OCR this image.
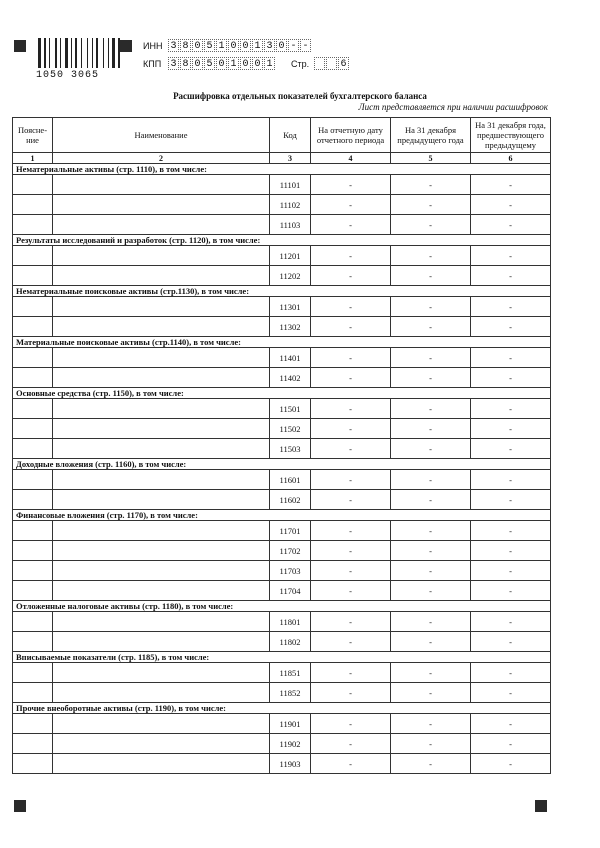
1050 3065
ИНН 3 8 0 5 1 0 0 1 3 0 - -
КПП 3 8 0 5 0 1 0 0 1 Стр.	6
Расшифровка отдельных показателей бухгалтерского баланса
Лист представляется при наличии расшифровок
Поясне-ние	Наименование	Код	На отчетную дату отчетного периода	На 31 декабря предыдущего года	На 31 декабря года, предшествующего предыдущему
1	2	3	4	5	6
Нематериальные активы (стр. 1110), в том числе:					
		11101	-	-	-
		11102	-	-	-
		11103	-	-	-
Результаты исследований и разработок (стр. 1120), в том числе:					
		11201	-	-	-
		11202	-	-	-
Нематериальные поисковые активы (стр.1130), в том числе:					
		11301	-	-	-
		11302	-	-	-
Материальные поисковые активы (стр.1140), в том числе:					
		11401	-	-	-
		11402	-	-	-
Основные средства (стр. 1150), в том числе:					
		11501	-	-	-
		11502	-	-	-
		11503	-	-	-
Доходные вложения (стр. 1160), в том числе:					
		11601	-	-	-
		11602	-	-	-
Финансовые вложения (стр. 1170), в том числе:					
		11701	-	-	-
		11702	-	-	-
		11703	-	-	-
		11704	-	-	-
Отложенные налоговые активы (стр. 1180), в том числе:					
		11801	-	-	-
		11802	-	-	-
Вписываемые показатели (стр. 1185), в том числе:					
		11851	-	-	-
		11852	-	-	-
Прочие внеоборотные активы (стр. 1190), в том числе:					
		11901	-	-	-
		11902	-	-	-
		11903	-	-	-
